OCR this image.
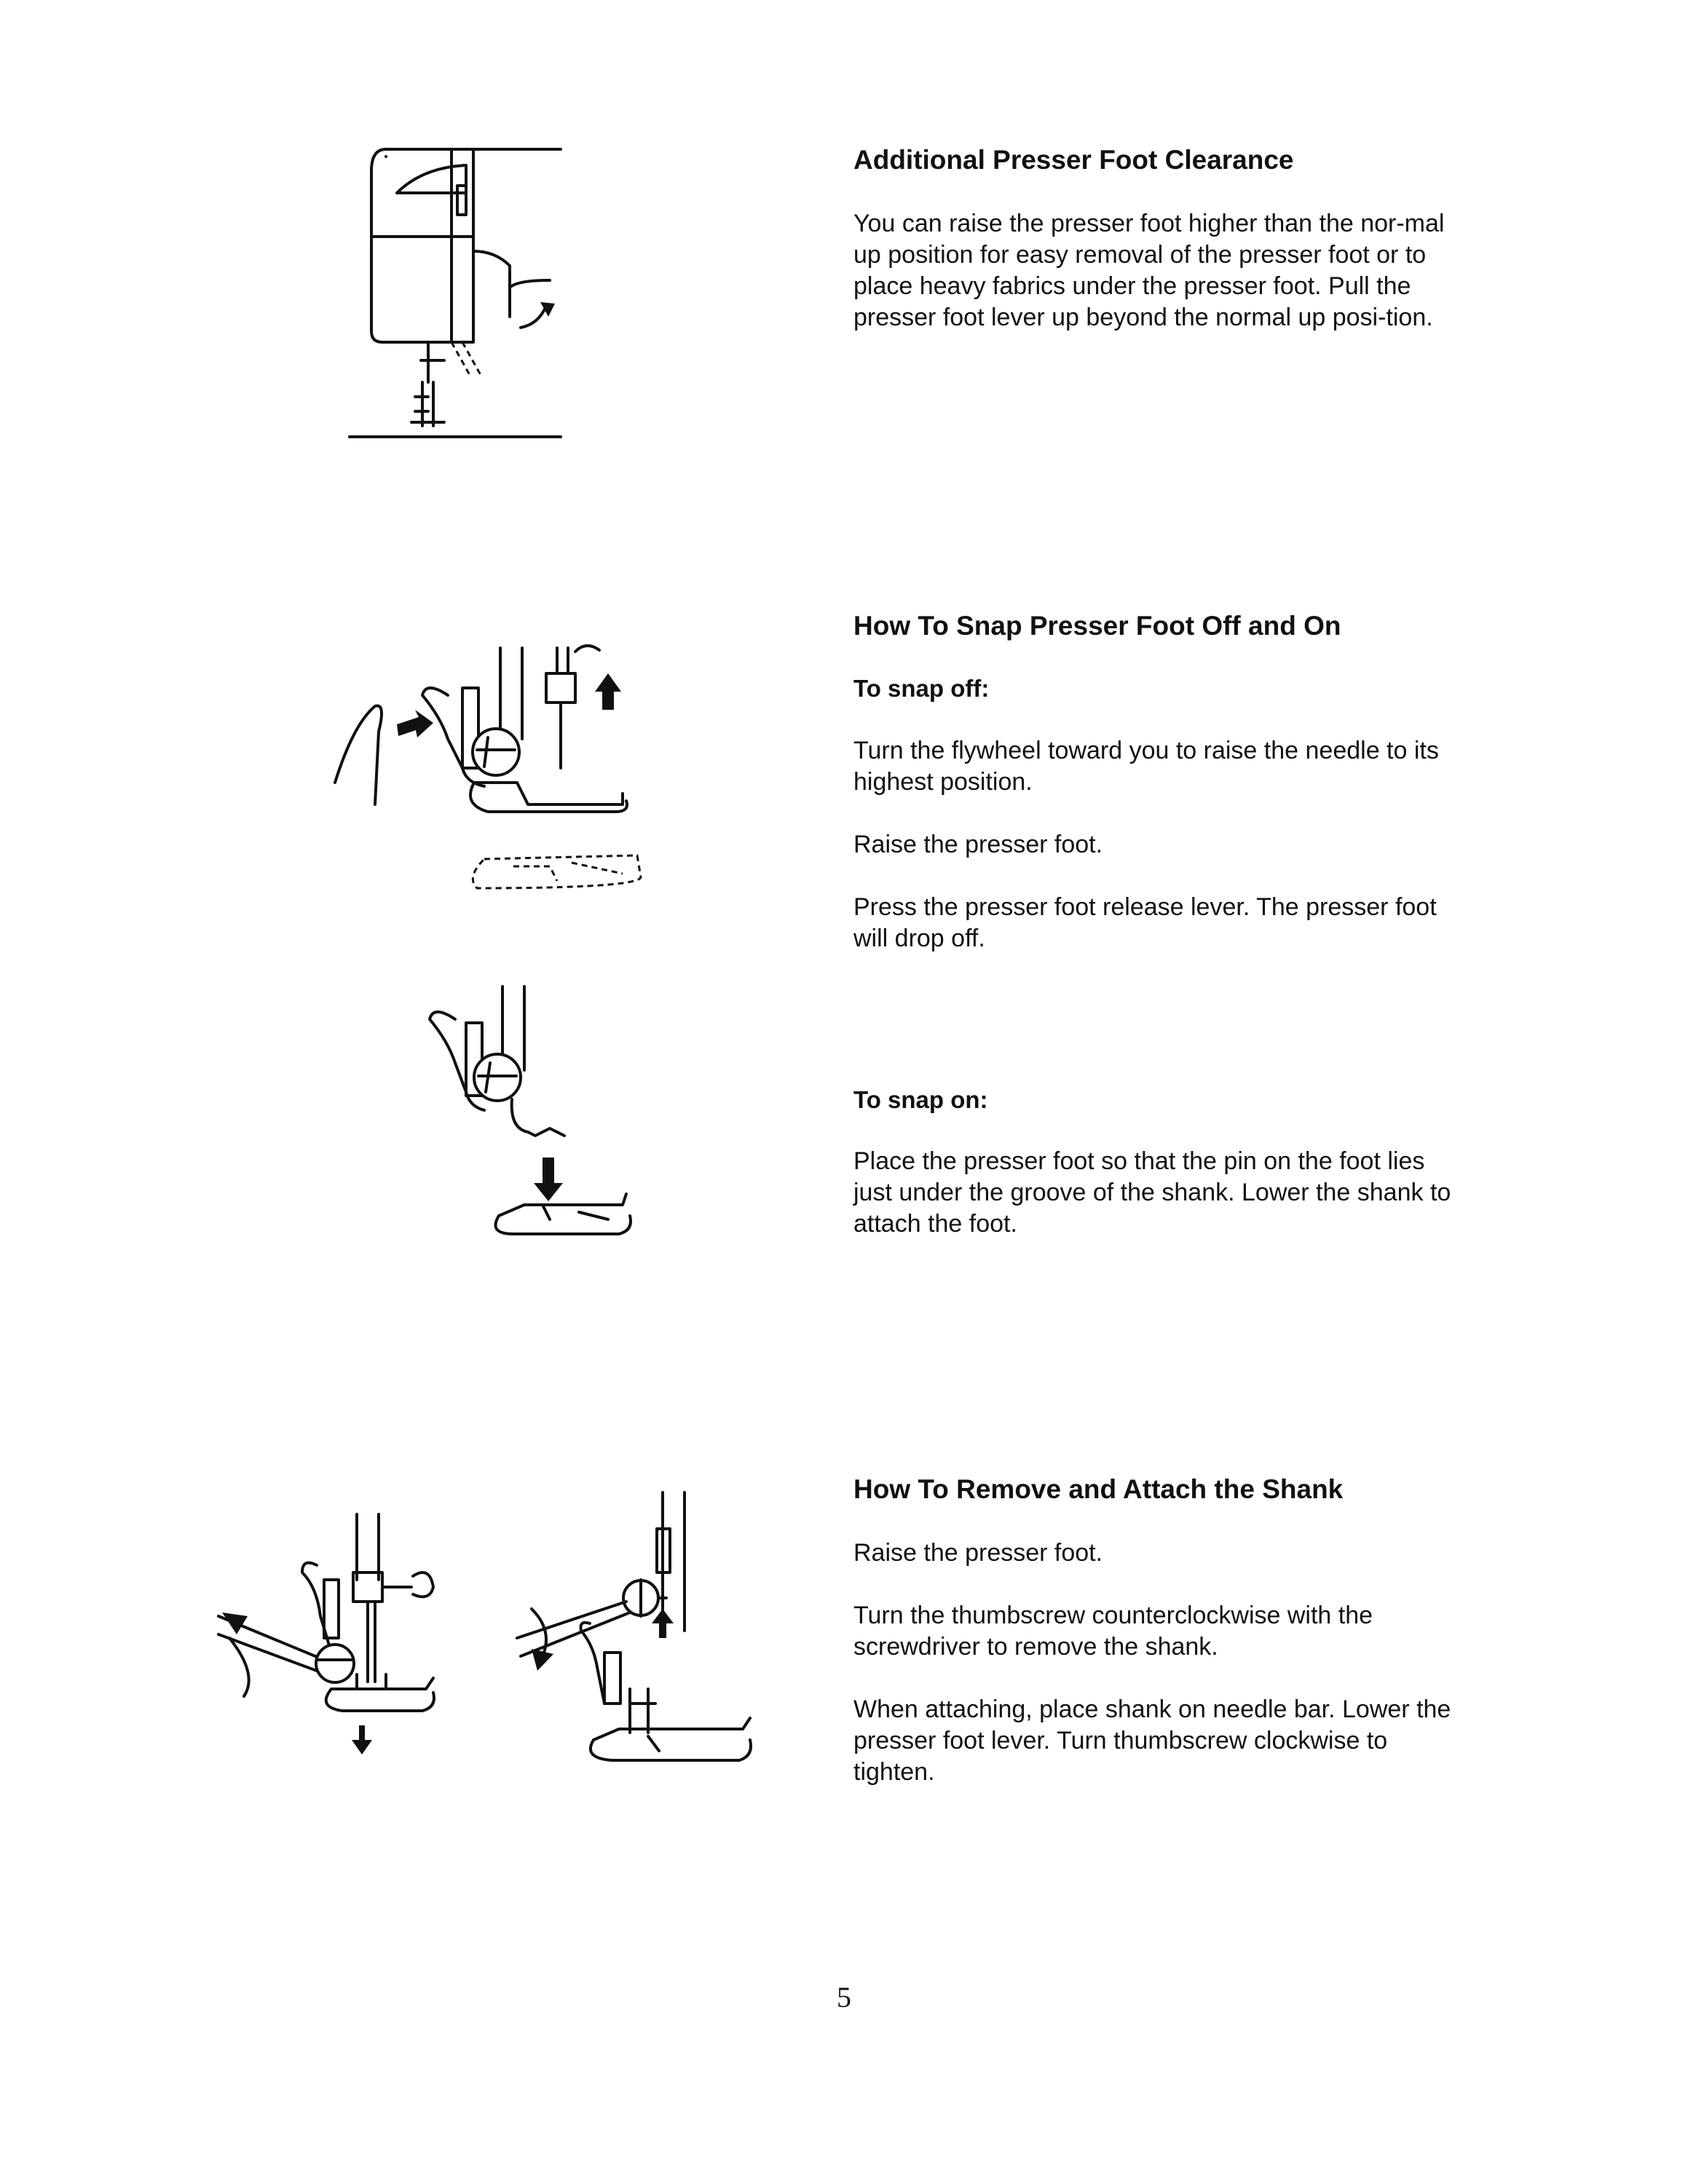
Additional Presser Foot Clearance

You can raise the presser foot higher than the nor-mal up position for easy removal of the presser foot or to place heavy fabrics under the presser foot. Pull the presser foot lever up beyond the normal up posi-tion.

How To Snap Presser Foot Off and On
To snap off:

Turn the flywheel toward you to raise the needle to its highest position.

Raise the presser foot.

Press the presser foot release lever. The presser foot will drop off.

To snap on:

Place the presser foot so that the pin on the foot lies just under the groove of the shank. Lower the shank to attach the foot.

How To Remove and Attach the Shank

Raise the presser foot.

Turn the thumbscrew counterclockwise with the screwdriver to remove the shank.

When attaching, place shank on needle bar. Lower the presser foot lever. Turn thumbscrew clockwise to tighten.

5
